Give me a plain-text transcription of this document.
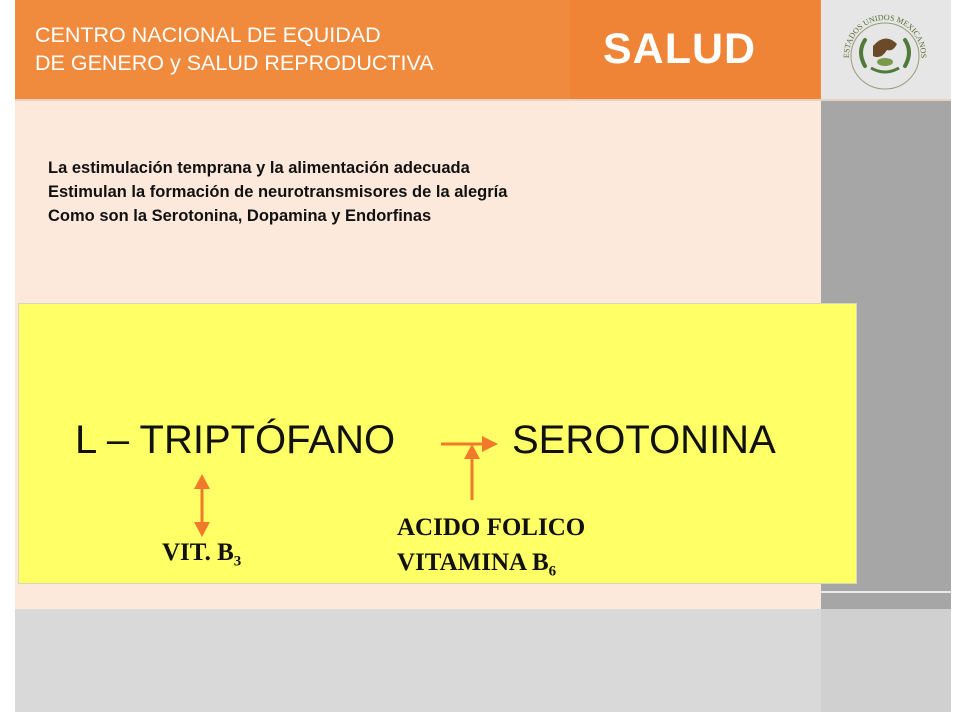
CENTRO NACIONAL DE EQUIDAD
DE GENERO y SALUD REPRODUCTIVA	SALUD	ESTADOS UNIDOS MEXICANOS
La estimulación temprana y la alimentación adecuada
Estimulan la formación de neurotransmisores de la alegría
Como son la Serotonina, Dopamina y Endorfinas
L – TRIPTÓFANO	SEROTONINA
VIT. $B_3$
ACIDO FOLICO
VITAMINA $B_6$
